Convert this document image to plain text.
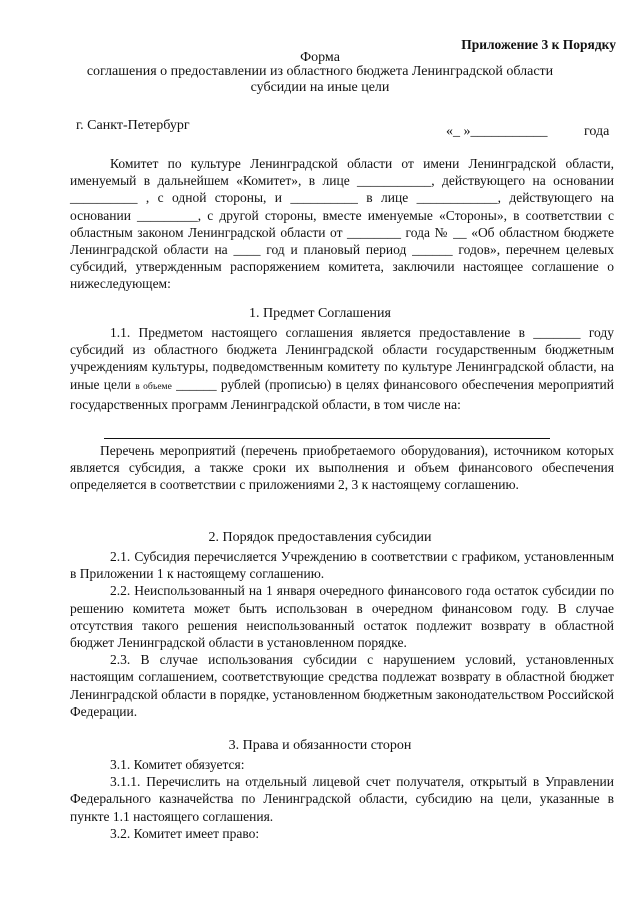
Приложение 3 к Порядку
Форма
соглашения о предоставлении из областного бюджета Ленинградской области
субсидии на иные цели
г. Санкт-Петербург	«_ »___________	года

Комитет по культуре Ленинградской области от имени Ленинградской области, именуемый в дальнейшем «Комитет», в лице ___________, действующего на основании __________ , с одной стороны, и __________ в лице ____________, действующего на основании _________, с другой стороны, вместе именуемые «Стороны», в соответствии с областным законом Ленинградской области от ________ года № __ «Об областном бюджете Ленинградской области на ____ год и плановый период ______ годов», перечнем целевых субсидий, утвержденным распоряжением комитета, заключили настоящее соглашение о нижеследующем:

1. Предмет Соглашения

1.1. Предметом настоящего соглашения является предоставление в _______ году субсидий из областного бюджета Ленинградской области государственным бюджетным учреждениям культуры, подведомственным комитету по культуре Ленинградской области, на иные цели в объеме ______ рублей (прописью) в целях финансового обеспечения мероприятий государственных программ Ленинградской области, в том числе на:

Перечень мероприятий (перечень приобретаемого оборудования), источником которых является субсидия, а также сроки их выполнения и объем финансового обеспечения определяется в соответствии с приложениями 2, 3 к настоящему соглашению.

2. Порядок предоставления субсидии

2.1. Субсидия перечисляется Учреждению в соответствии с графиком, установленным в Приложении 1 к настоящему соглашению.

2.2. Неиспользованный на 1 января очередного финансового года остаток субсидии по решению комитета может быть использован в очередном финансовом году. В случае отсутствия такого решения неиспользованный остаток подлежит возврату в областной бюджет Ленинградской области в установленном порядке.

2.3. В случае использования субсидии с нарушением условий, установленных настоящим соглашением, соответствующие средства подлежат возврату в областной бюджет Ленинградской области в порядке, установленном бюджетным законодательством Российской Федерации.

3. Права и обязанности сторон

3.1. Комитет обязуется:

3.1.1. Перечислить на отдельный лицевой счет получателя, открытый в Управлении Федерального казначейства по Ленинградской области, субсидию на цели, указанные в пункте 1.1 настоящего соглашения.

3.2. Комитет имеет право:
